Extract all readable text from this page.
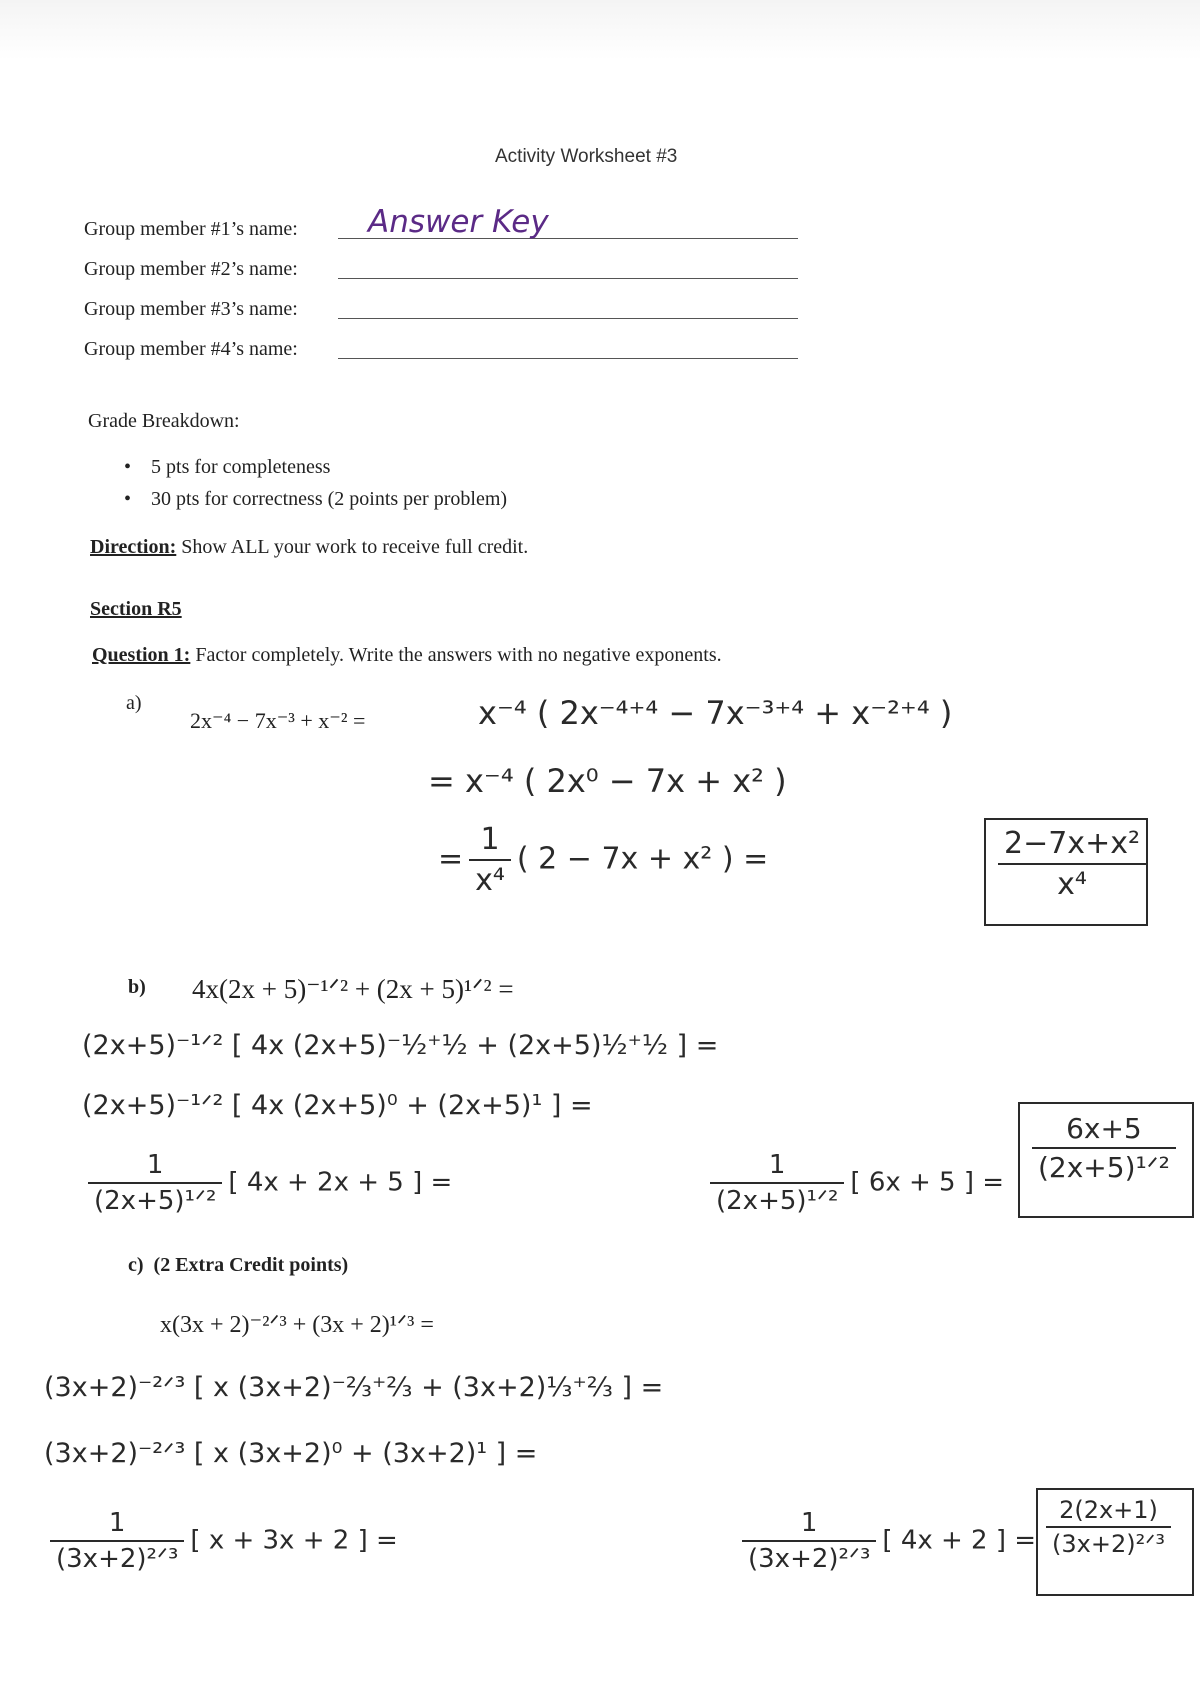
Activity Worksheet #3
Group member #1’s name: Answer Key
Group member #2’s name:
Group member #3’s name:
Group member #4’s name:
Grade Breakdown:
•    5 pts for completeness
•    30 pts for correctness (2 points per problem)
Direction: Show ALL your work to receive full credit.
Section R5
Question 1: Factor completely. Write the answers with no negative exponents.
a)
2x⁻⁴ − 7x⁻³ + x⁻² =	x⁻⁴ ( 2x⁻⁴⁺⁴ − 7x⁻³⁺⁴ + x⁻²⁺⁴ )
= x⁻⁴ ( 2x⁰ − 7x + x² )
= $\frac{1}{\text{x⁴}}$ ( 2 − 7x + x² ) =	$\frac{\text{2−7x+x²}}{\text{x⁴}}$
b) 4x(2x + 5)⁻¹ᐟ² + (2x + 5)¹ᐟ² =
(2x+5)⁻¹ᐟ² [ 4x (2x+5)⁻½⁺½ + (2x+5)½⁺½ ] =
(2x+5)⁻¹ᐟ² [ 4x (2x+5)⁰ + (2x+5)¹ ] =
$\frac{1}{\text{(2x+5)¹ᐟ²}}$ [ 4x + 2x + 5 ] =	$\frac{1}{\text{(2x+5)¹ᐟ²}}$ [ 6x + 5 ] = $\frac{6x+5}{\text{(2x+5)¹ᐟ²}}$
c) (2 Extra Credit points)
x(3x + 2)⁻²ᐟ³ + (3x + 2)¹ᐟ³ =
(3x+2)⁻²ᐟ³ [ x (3x+2)⁻⅔⁺⅔ + (3x+2)⅓⁺⅔ ] =
(3x+2)⁻²ᐟ³ [ x (3x+2)⁰ + (3x+2)¹ ] =
$\frac{1}{\text{(3x+2)²ᐟ³}}$ [ x + 3x + 2 ] =	$\frac{1}{\text{(3x+2)²ᐟ³}}$ [ 4x + 2 ] = $\frac{2(2x+1)}{\text{(3x+2)²ᐟ³}}$
